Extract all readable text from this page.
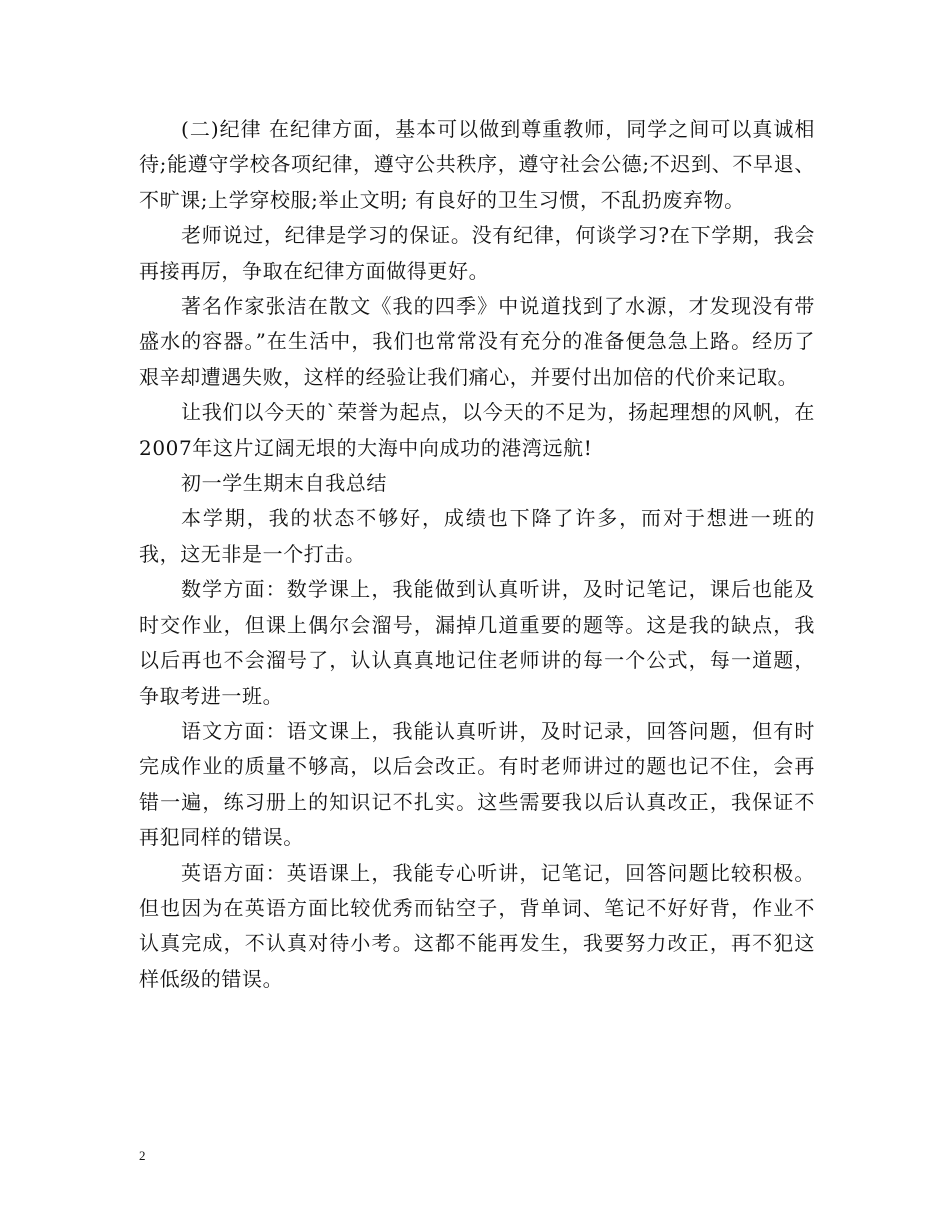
(二)纪律 在纪律方面，基本可以做到尊重教师，同学之间可以真诚相待;能遵守学校各项纪律，遵守公共秩序，遵守社会公德;不迟到、不早退、不旷课;上学穿校服;举止文明; 有良好的卫生习惯，不乱扔废弃物。

老师说过，纪律是学习的保证。没有纪律，何谈学习?在下学期，我会再接再厉，争取在纪律方面做得更好。

著名作家张洁在散文《我的四季》中说道找到了水源，才发现没有带盛水的容器。”在生活中，我们也常常没有充分的准备便急急上路。经历了艰辛却遭遇失败，这样的经验让我们痛心，并要付出加倍的代价来记取。

让我们以今天的`荣誉为起点，以今天的不足为，扬起理想的风帆，在2007年这片辽阔无垠的大海中向成功的港湾远航!

初一学生期末自我总结

本学期，我的状态不够好，成绩也下降了许多，而对于想进一班的我，这无非是一个打击。

数学方面：数学课上，我能做到认真听讲，及时记笔记，课后也能及时交作业，但课上偶尔会溜号，漏掉几道重要的题等。这是我的缺点，我以后再也不会溜号了，认认真真地记住老师讲的每一个公式，每一道题，争取考进一班。

语文方面：语文课上，我能认真听讲，及时记录，回答问题，但有时完成作业的质量不够高，以后会改正。有时老师讲过的题也记不住，会再错一遍，练习册上的知识记不扎实。这些需要我以后认真改正，我保证不再犯同样的错误。

英语方面：英语课上，我能专心听讲，记笔记，回答问题比较积极。但也因为在英语方面比较优秀而钻空子，背单词、笔记不好好背，作业不认真完成，不认真对待小考。这都不能再发生，我要努力改正，再不犯这样低级的错误。

2
